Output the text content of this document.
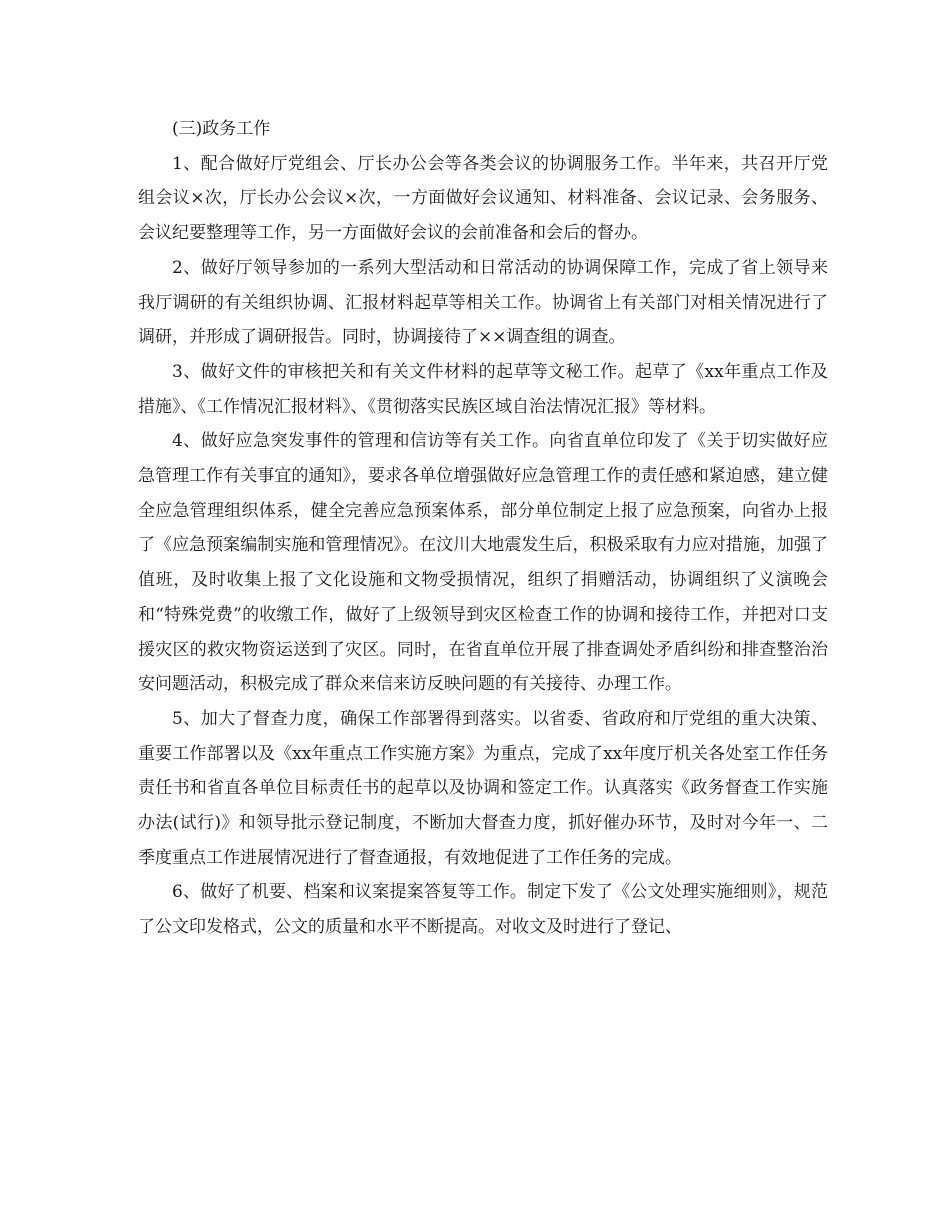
(三)政务工作

1、配合做好厅党组会、厅长办公会等各类会议的协调服务工作。半年来，共召开厅党组会议×次，厅长办公会议×次，一方面做好会议通知、材料准备、会议记录、会务服务、会议纪要整理等工作，另一方面做好会议的会前准备和会后的督办。

2、做好厅领导参加的一系列大型活动和日常活动的协调保障工作，完成了省上领导来我厅调研的有关组织协调、汇报材料起草等相关工作。协调省上有关部门对相关情况进行了调研，并形成了调研报告。同时，协调接待了××调查组的调查。

3、做好文件的审核把关和有关文件材料的起草等文秘工作。起草了《xx年重点工作及措施》、《工作情况汇报材料》、《贯彻落实民族区域自治法情况汇报》等材料。

4、做好应急突发事件的管理和信访等有关工作。向省直单位印发了《关于切实做好应急管理工作有关事宜的通知》，要求各单位增强做好应急管理工作的责任感和紧迫感，建立健全应急管理组织体系，健全完善应急预案体系，部分单位制定上报了应急预案，向省办上报了《应急预案编制实施和管理情况》。在汶川大地震发生后，积极采取有力应对措施，加强了值班，及时收集上报了文化设施和文物受损情况，组织了捐赠活动，协调组织了义演晚会和“特殊党费”的收缴工作，做好了上级领导到灾区检查工作的协调和接待工作，并把对口支援灾区的救灾物资运送到了灾区。同时，在省直单位开展了排查调处矛盾纠纷和排查整治治安问题活动，积极完成了群众来信来访反映问题的有关接待、办理工作。

5、加大了督查力度，确保工作部署得到落实。以省委、省政府和厅党组的重大决策、重要工作部署以及《xx年重点工作实施方案》为重点，完成了xx年度厅机关各处室工作任务责任书和省直各单位目标责任书的起草以及协调和签定工作。认真落实《政务督查工作实施办法(试行)》和领导批示登记制度，不断加大督查力度，抓好催办环节，及时对今年一、二季度重点工作进展情况进行了督查通报，有效地促进了工作任务的完成。

6、做好了机要、档案和议案提案答复等工作。制定下发了《公文处理实施细则》，规范了公文印发格式，公文的质量和水平不断提高。对收文及时进行了登记、
